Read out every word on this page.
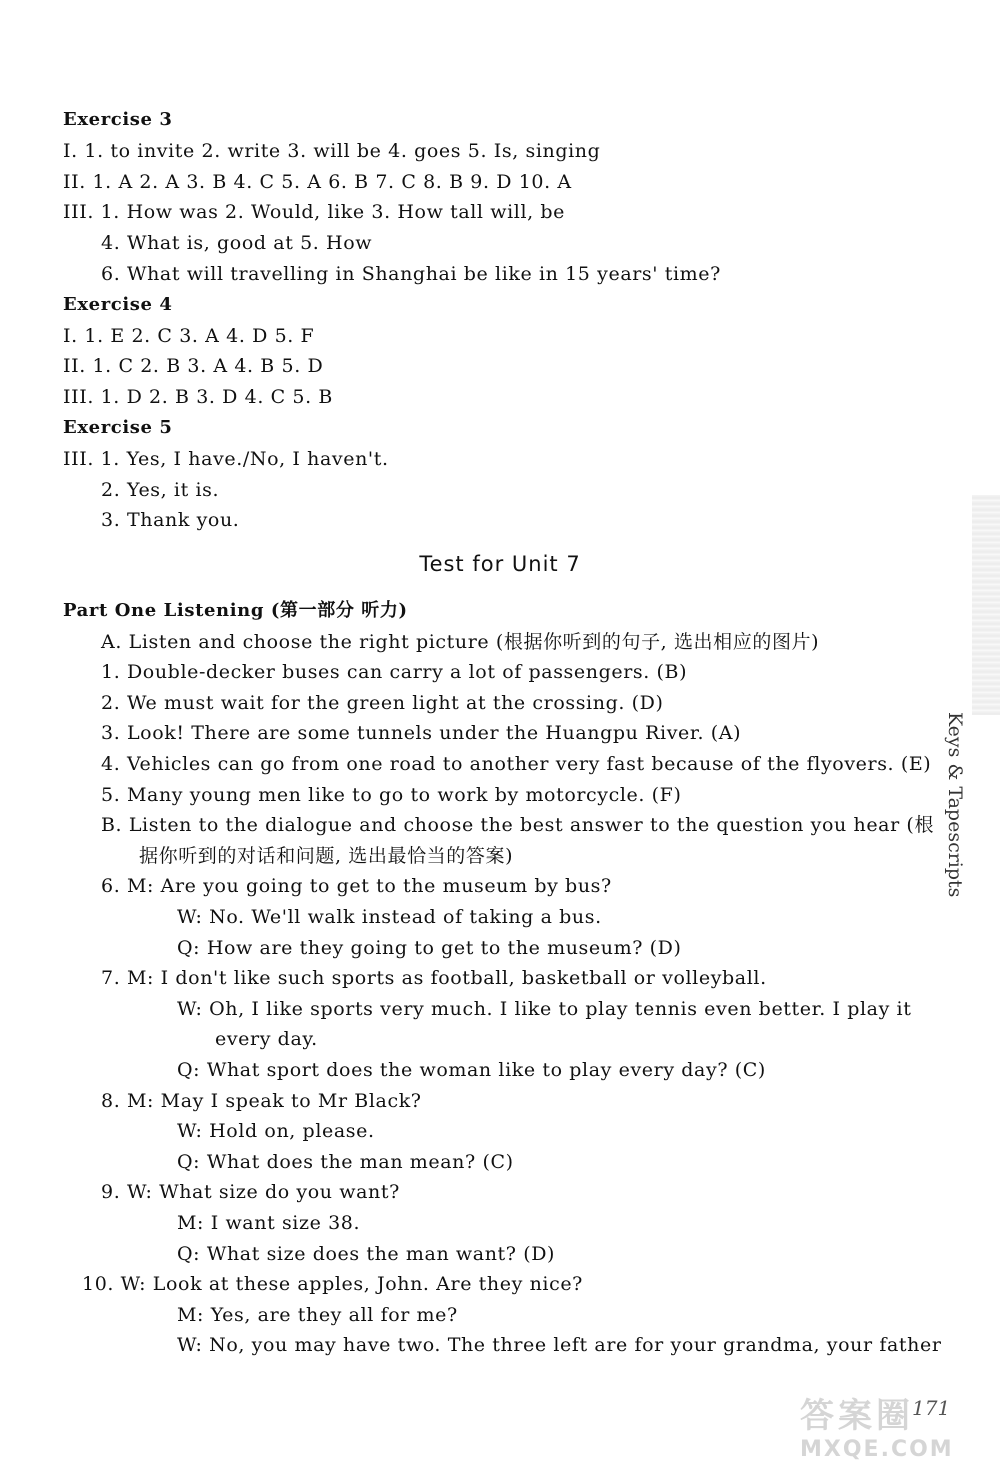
Exercise 3
I. 1. to invite 2. write 3. will be 4. goes 5. Is, singing
II. 1. A 2. A 3. B 4. C 5. A 6. B 7. C 8. B 9. D 10. A
III. 1. How was 2. Would, like 3. How tall will, be
4. What is, good at 5. How
6. What will travelling in Shanghai be like in 15 years' time?
Exercise 4
I. 1. E 2. C 3. A 4. D 5. F
II. 1. C 2. B 3. A 4. B 5. D
III. 1. D 2. B 3. D 4. C 5. B
Exercise 5
III. 1. Yes, I have./No, I haven't.
2. Yes, it is.
3. Thank you.
Test for Unit 7
Part One Listening (第一部分 听力)
A. Listen and choose the right picture (根据你听到的句子, 选出相应的图片)
1. Double-decker buses can carry a lot of passengers. (B)
2. We must wait for the green light at the crossing. (D)
3. Look! There are some tunnels under the Huangpu River. (A)
4. Vehicles can go from one road to another very fast because of the flyovers. (E)
5. Many young men like to go to work by motorcycle. (F)
B. Listen to the dialogue and choose the best answer to the question you hear (根
据你听到的对话和问题, 选出最恰当的答案)
6. M: Are you going to get to the museum by bus?
W: No. We'll walk instead of taking a bus.
Q: How are they going to get to the museum? (D)
7. M: I don't like such sports as football, basketball or volleyball.
W: Oh, I like sports very much. I like to play tennis even better. I play it
every day.
Q: What sport does the woman like to play every day? (C)
8. M: May I speak to Mr Black?
W: Hold on, please.
Q: What does the man mean? (C)
9. W: What size do you want?
M: I want size 38.
Q: What size does the man want? (D)
10. W: Look at these apples, John. Are they nice?
M: Yes, are they all for me?
W: No, you may have two. The three left are for your grandma, your father
Keys & Tapescripts
答案圈
MXQE.COM
171
